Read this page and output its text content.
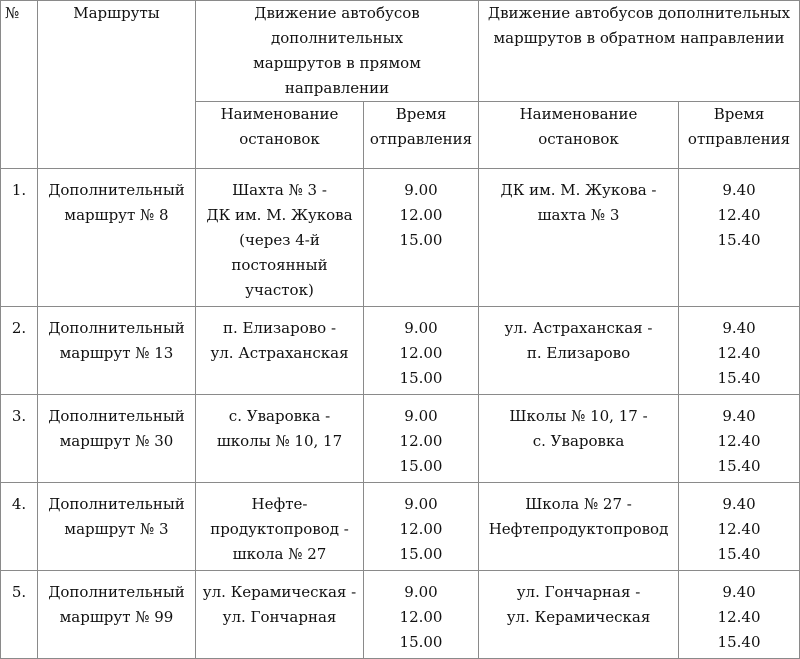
№	Маршруты	Движение автобусов дополнительных
маршрутов в прямом направлении		Движение автобусов дополнительных
маршрутов в обратном направлении	

		Наименование
остановок	Время
отправления	Наименование остановок	Время
отправления

1.	Дополнительный
маршрут № 8	Шахта № 3 -
ДК им. М. Жукова
(через 4-й
постоянный участок)	9.00
12.00
15.00	ДК им. М. Жукова -
шахта № 3	9.40
12.40
15.40

2.	Дополнительный
маршрут № 13	п. Елизарово -
ул. Астраханская	9.00
12.00
15.00	ул. Астраханская -
п. Елизарово	9.40
12.40
15.40

3.	Дополнительный
маршрут № 30	с. Уваровка -
школы № 10, 17	9.00
12.00
15.00	Школы № 10, 17 -
с. Уваровка	9.40
12.40
15.40

4.	Дополнительный
маршрут № 3	Нефте-
продуктопровод -
школа № 27	9.00
12.00
15.00	Школа № 27 -
Нефтепродуктопровод	9.40
12.40
15.40

5.	Дополнительный
маршрут № 99	ул. Керамическая -
ул. Гончарная	9.00
12.00
15.00	ул. Гончарная -
ул. Керамическая	9.40
12.40
15.40
